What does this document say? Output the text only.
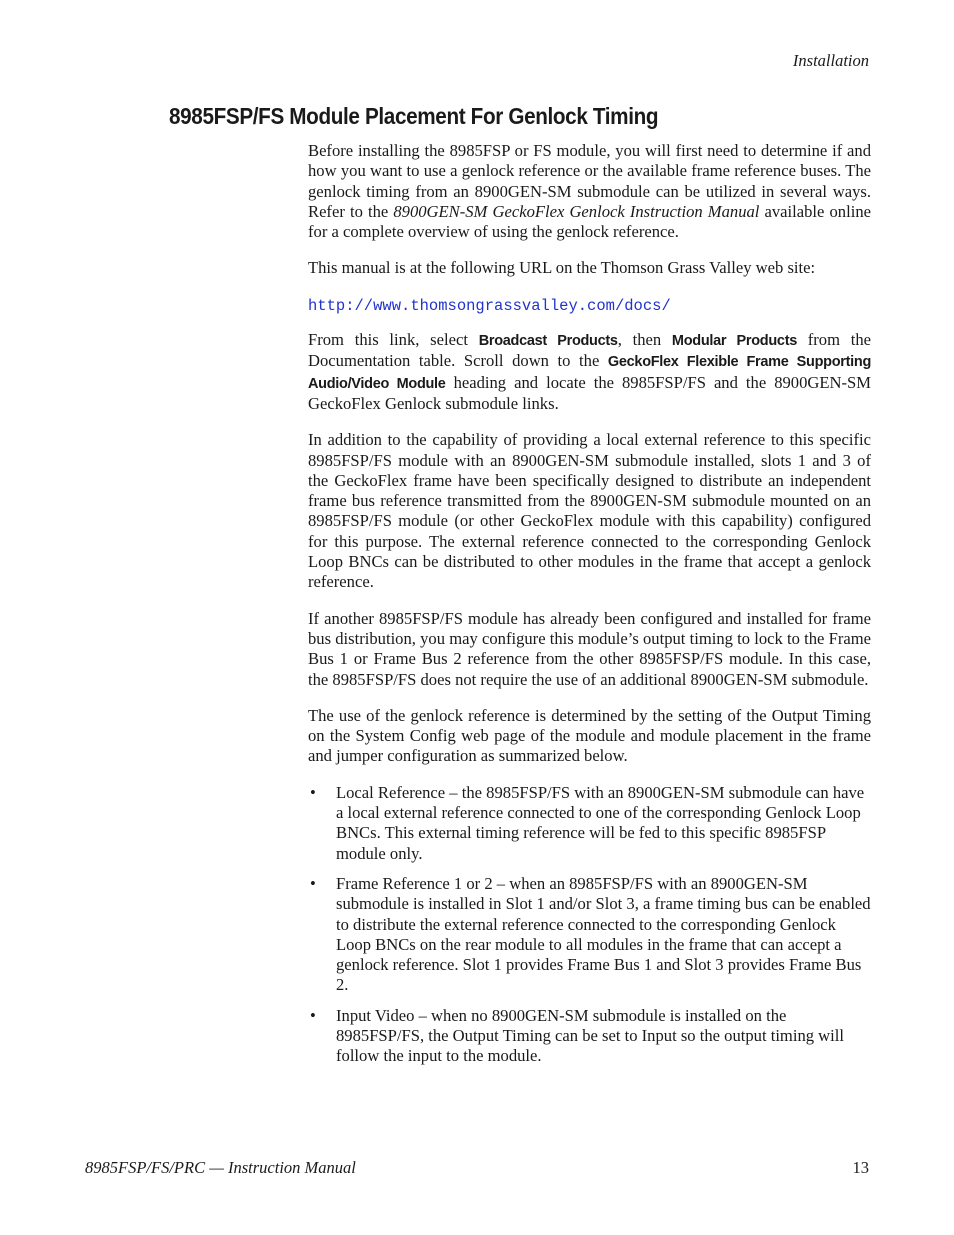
Installation
8985FSP/FS Module Placement For Genlock Timing

Before installing the 8985FSP or FS module, you will first need to determine if and how you want to use a genlock reference or the available frame reference buses. The genlock timing from an 8900GEN-SM submodule can be utilized in several ways. Refer to the 8900GEN-SM GeckoFlex Genlock Instruction Manual available online for a complete overview of using the genlock reference.

This manual is at the following URL on the Thomson Grass Valley web site:

http://www.thomsongrassvalley.com/docs/

From this link, select Broadcast Products, then Modular Products from the Documentation table. Scroll down to the GeckoFlex Flexible Frame Supporting Audio/Video Module heading and locate the 8985FSP/FS and the 8900GEN-SM GeckoFlex Genlock submodule links.

In addition to the capability of providing a local external reference to this specific 8985FSP/FS module with an 8900GEN-SM submodule installed, slots 1 and 3 of the GeckoFlex frame have been specifically designed to distribute an independent frame bus reference transmitted from the 8900GEN-SM submodule mounted on an 8985FSP/FS module (or other GeckoFlex module with this capability) configured for this purpose. The external reference connected to the corresponding Genlock Loop BNCs can be distributed to other modules in the frame that accept a genlock reference.

If another 8985FSP/FS module has already been configured and installed for frame bus distribution, you may configure this module’s output timing to lock to the Frame Bus 1 or Frame Bus 2 reference from the other 8985FSP/FS module. In this case, the 8985FSP/FS does not require the use of an additional 8900GEN-SM submodule.

The use of the genlock reference is determined by the setting of the Output Timing on the System Config web page of the module and module placement in the frame and jumper configuration as summarized below.

• Local Reference – the 8985FSP/FS with an 8900GEN-SM submodule can have a local external reference connected to one of the corresponding Genlock Loop BNCs. This external timing reference will be fed to this specific 8985FSP module only.
• Frame Reference 1 or 2 – when an 8985FSP/FS with an 8900GEN-SM submodule is installed in Slot 1 and/or Slot 3, a frame timing bus can be enabled to distribute the external reference connected to the corresponding Genlock Loop BNCs on the rear module to all modules in the frame that can accept a genlock reference. Slot 1 provides Frame Bus 1 and Slot 3 provides Frame Bus 2.
• Input Video – when no 8900GEN-SM submodule is installed on the 8985FSP/FS, the Output Timing can be set to Input so the output timing will follow the input to the module.
8985FSP/FS/PRC — Instruction Manual	13
